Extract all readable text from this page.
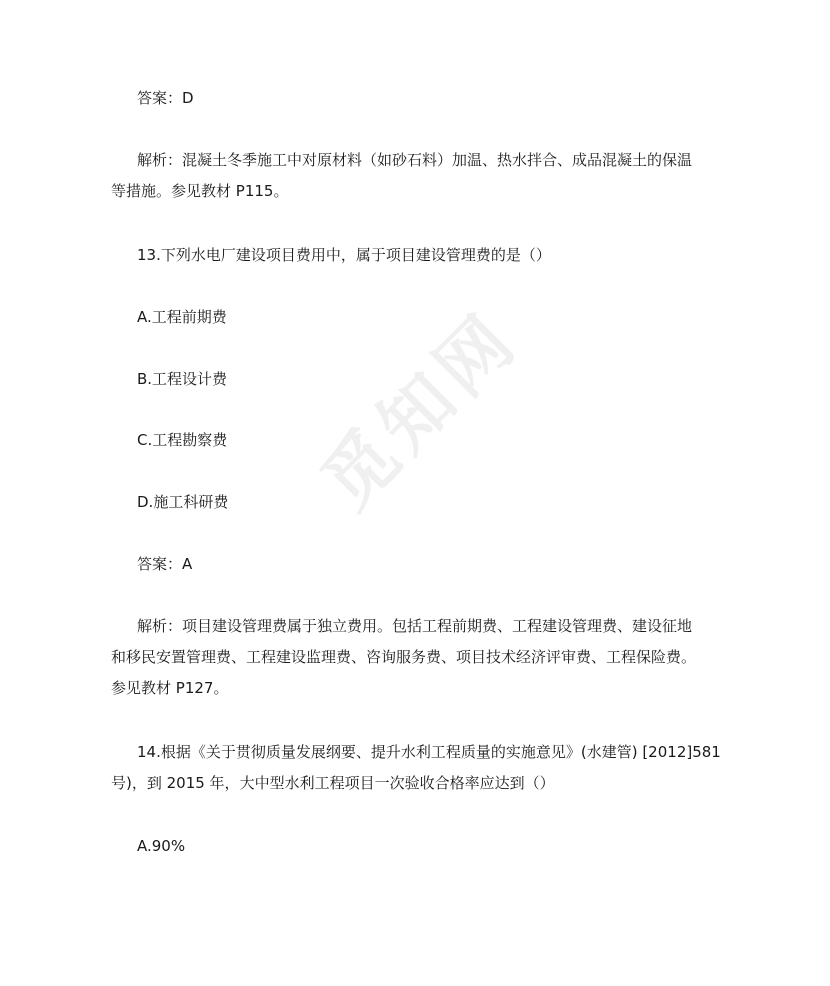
觅知网
答案：D
解析：混凝土冬季施工中对原材料（如砂石料）加温、热水拌合、成品混凝土的保温
等措施。参见教材 P115。
13.下列水电厂建设项目费用中，属于项目建设管理费的是（）
A.工程前期费
B.工程设计费
C.工程勘察费
D.施工科研费
答案：A
解析：项目建设管理费属于独立费用。包括工程前期费、工程建设管理费、建设征地
和移民安置管理费、工程建设监理费、咨询服务费、项目技术经济评审费、工程保险费。
参见教材 P127。
14.根据《关于贯彻质量发展纲要、提升水利工程质量的实施意见》(水建管) [2012]581
号)，到 2015 年，大中型水利工程项目一次验收合格率应达到（）
A.90%
